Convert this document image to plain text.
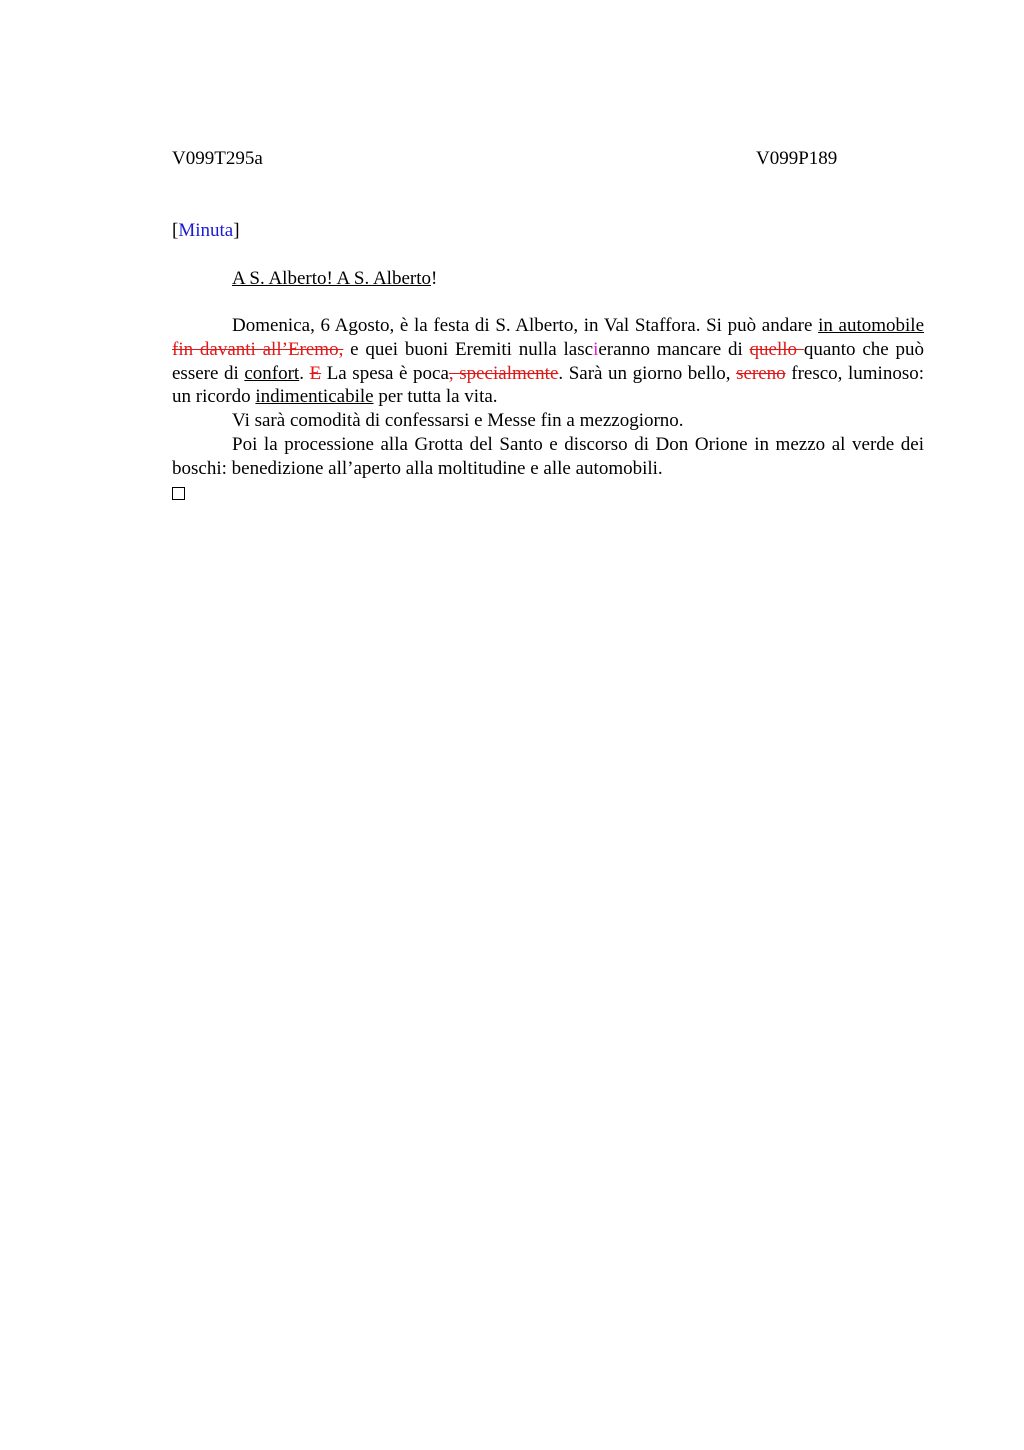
V099T295a	V099P189
[Minuta]
A S. Alberto! A S. Alberto!

Domenica, 6 Agosto, è la festa di S. Alberto, in Val Staffora. Si può andare in automobile fin davanti all’Eremo, e quei buoni Eremiti nulla lascieranno mancare di quello quanto che può essere di confort. E La spesa è poca, specialmente. Sarà un giorno bello, sereno fresco, luminoso: un ricordo indimenticabile per tutta la vita.

Vi sarà comodità di confessarsi e Messe fin a mezzogiorno.

Poi la processione alla Grotta del Santo e discorso di Don Orione in mezzo al verde dei boschi: benedizione all’aperto alla moltitudine e alle automobili.
